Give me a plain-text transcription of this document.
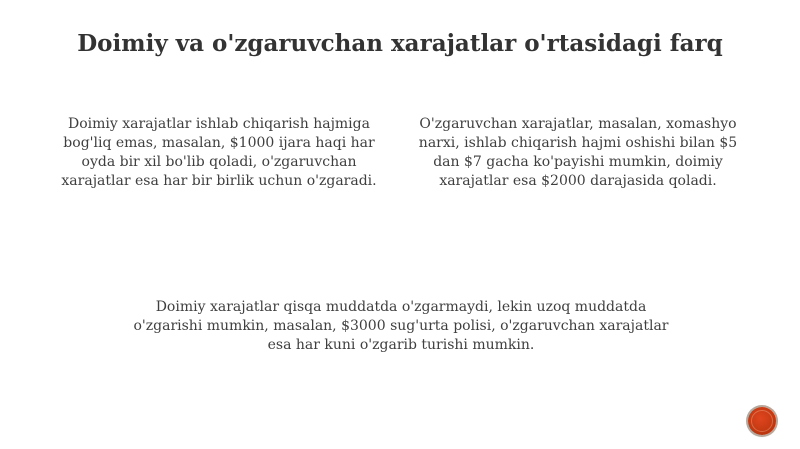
Doimiy va o'zgaruvchan xarajatlar o'rtasidagi farq
Doimiy xarajatlar ishlab chiqarish hajmiga bog'liq emas, masalan, $1000 ijara haqi har oyda bir xil bo'lib qoladi, o'zgaruvchan xarajatlar esa har bir birlik uchun o'zgaradi.
O'zgaruvchan xarajatlar, masalan, xomashyo narxi, ishlab chiqarish hajmi oshishi bilan $5 dan $7 gacha ko'payishi mumkin, doimiy xarajatlar esa $2000 darajasida qoladi.
Doimiy xarajatlar qisqa muddatda o'zgarmaydi, lekin uzoq muddatda o'zgarishi mumkin, masalan, $3000 sug'urta polisi, o'zgaruvchan xarajatlar esa har kuni o'zgarib turishi mumkin.
